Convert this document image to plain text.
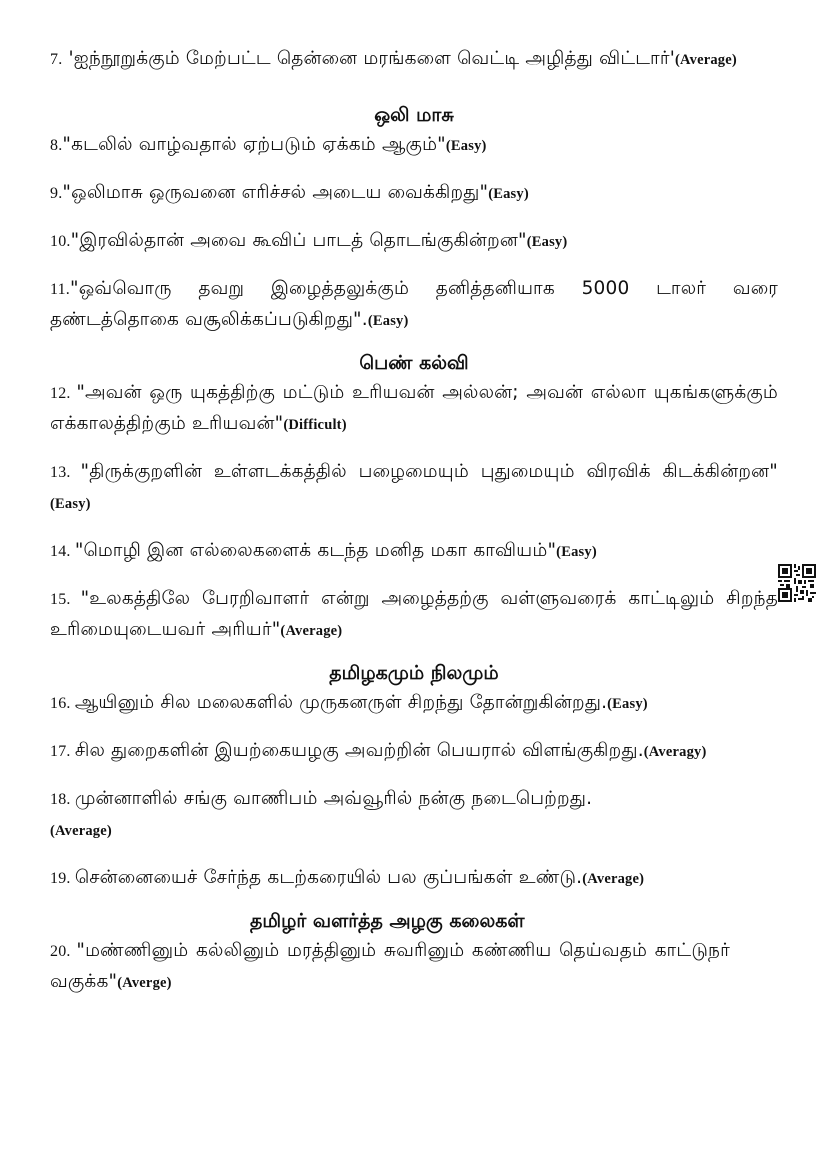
7. 'ஐந்நூறுக்கும் மேற்பட்ட தென்னை மரங்களை வெட்டி அழித்து விட்டார்'(Average)

ஒலி மாசு

8."கடலில் வாழ்வதால் ஏற்படும் ஏக்கம் ஆகும்"(Easy)

9."ஒலிமாசு ஒருவனை எரிச்சல் அடைய வைக்கிறது"(Easy)

10."இரவில்தான் அவை கூவிப் பாடத் தொடங்குகின்றன"(Easy)

11."ஒவ்வொரு தவறு இழைத்தலுக்கும் தனித்தனியாக 5000 டாலர் வரை தண்டத்தொகை வசூலிக்கப்படுகிறது".(Easy)

பெண் கல்வி

12. "அவன் ஒரு யுகத்திற்கு மட்டும் உரியவன் அல்லன்; அவன் எல்லா யுகங்களுக்கும் எக்காலத்திற்கும் உரியவன்"(Difficult)

13. "திருக்குறளின் உள்ளடக்கத்தில் பழைமையும் புதுமையும் விரவிக் கிடக்கின்றன"(Easy)

14. "மொழி இன எல்லைகளைக் கடந்த மனித மகா காவியம்"(Easy)

15. "உலகத்திலே பேரறிவாளர் என்று அழைத்தற்கு வள்ளுவரைக் காட்டிலும் சிறந்த உரிமையுடையவர் அரியர்"(Average)

தமிழகமும் நிலமும்

16. ஆயினும் சில மலைகளில் முருகனருள் சிறந்து தோன்றுகின்றது.(Easy)

17. சில துறைகளின் இயற்கையழகு அவற்றின் பெயரால் விளங்குகிறது.(Averagy)

18. முன்னாளில் சங்கு வாணிபம் அவ்வூரில் நன்கு நடைபெற்றது.(Average)

19. சென்னையைச் சேர்ந்த கடற்கரையில் பல குப்பங்கள் உண்டு.(Average)

தமிழர் வளர்த்த அழகு கலைகள்

20. "மண்ணினும் கல்லினும் மரத்தினும் சுவரினும் கண்ணிய தெய்வதம் காட்டுநர் வகுக்க"(Averge)
